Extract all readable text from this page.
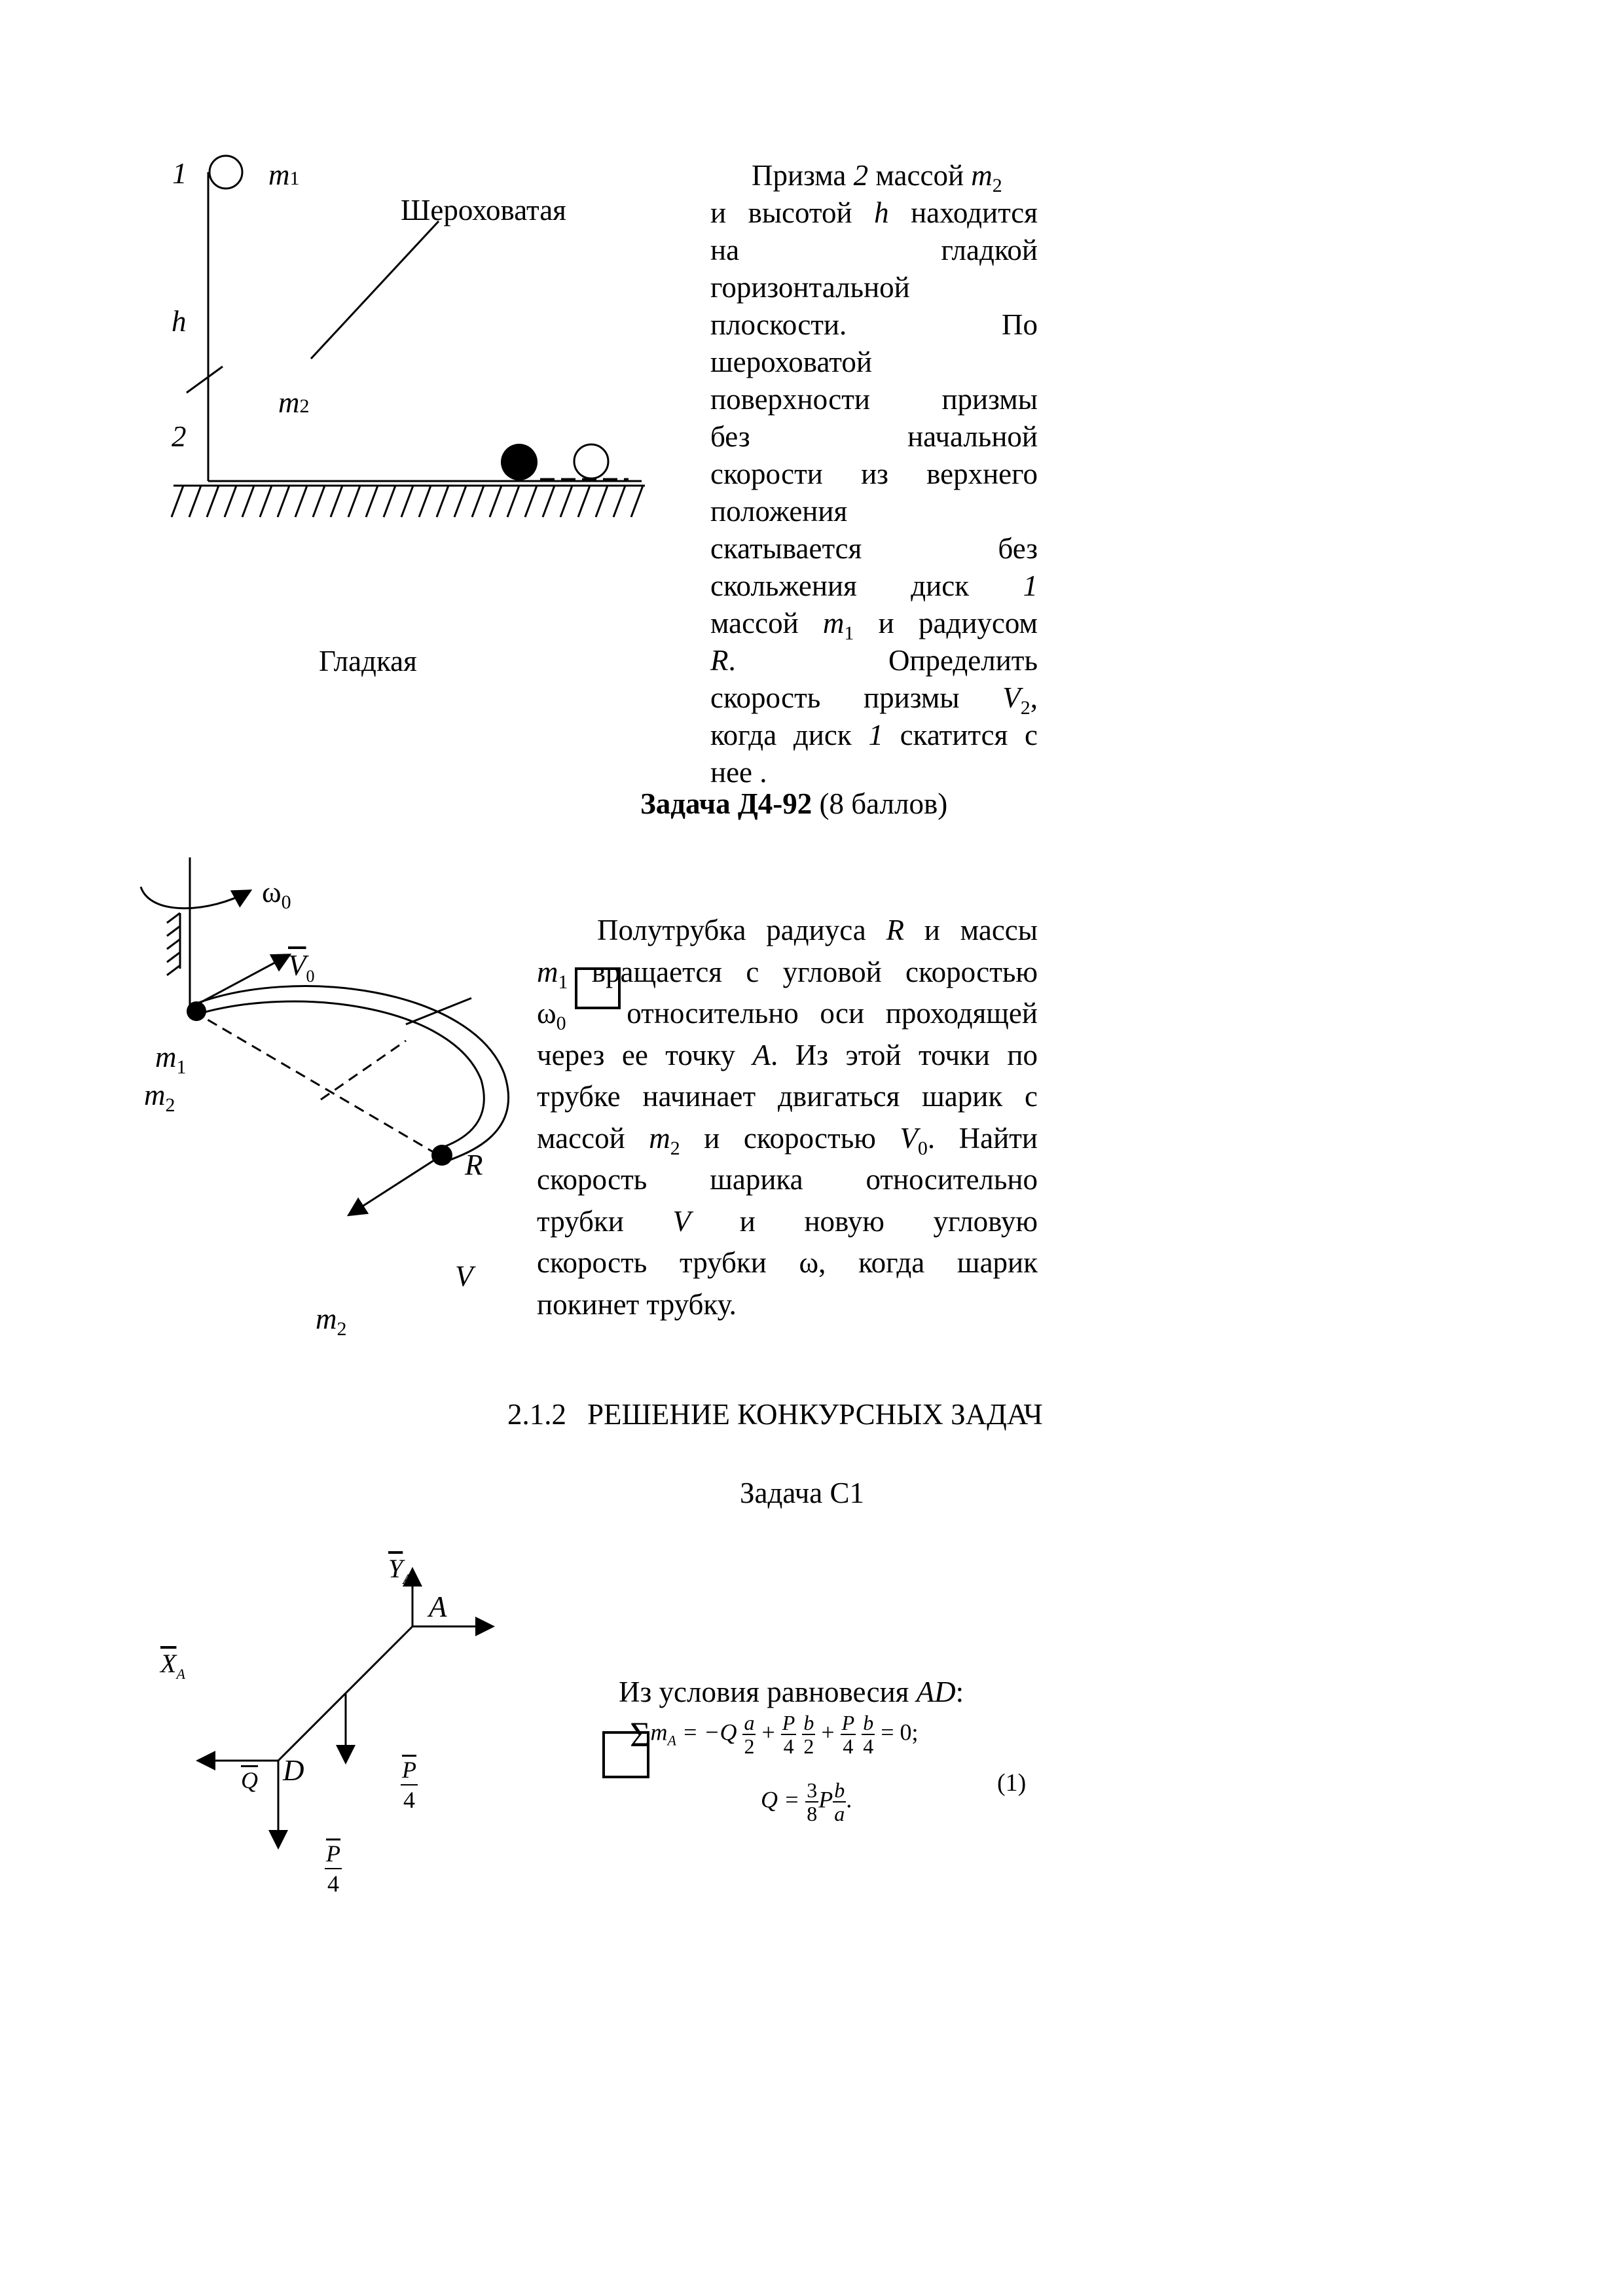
1	m1
Шероховатая
h
m2
2
Гладкая
Призма 2 массой $m_2$
и высотой h находится
на гладкой
горизонтальной
плоскости. По
шероховатой
поверхности призмы
без начальной
скорости из верхнего
положения
скатывается без
скольжения диск 1
массой $m_1$ и радиусом
R. Определить
скорость призмы $V_2$,
когда диск 1 скатится с
нее .
Задача Д4-92 (8 баллов)
$\omega_0$
$\overline{V}_0$
$m_1$
$m_2$
R
V
$m_2$
Полутрубка радиуса R и массы
$m_1$ вращается с угловой скоростью
$\omega_0$ относительно оси проходящей
через ее точку A. Из этой точки по
трубке начинает двигаться шарик с
массой $m_2$ и скоростью $V_0$. Найти
скорость шарика относительно
трубки V и новую угловую
скорость трубки ω, когда шарик
покинет трубку.
2.1.2 РЕШЕНИЕ КОНКУРСНЫХ ЗАДАЧ
Задача С1
$\overline{Y}_A$
A
$\overline{X}_A$
$\overline{Q}$ D	$\frac{\overline{P}}{4}$
$\frac{\overline{P}}{4}$
Из условия равновесия AD:
$\Sigma m_A = -Q \frac{a}{2} + \frac{P}{4}$
$\frac{b}{2} + \frac{P}{4}$
$\frac{b}{4} = 0$;
$Q = \frac{3}{8}$ P $\frac{b}{a}$ .
(1)
